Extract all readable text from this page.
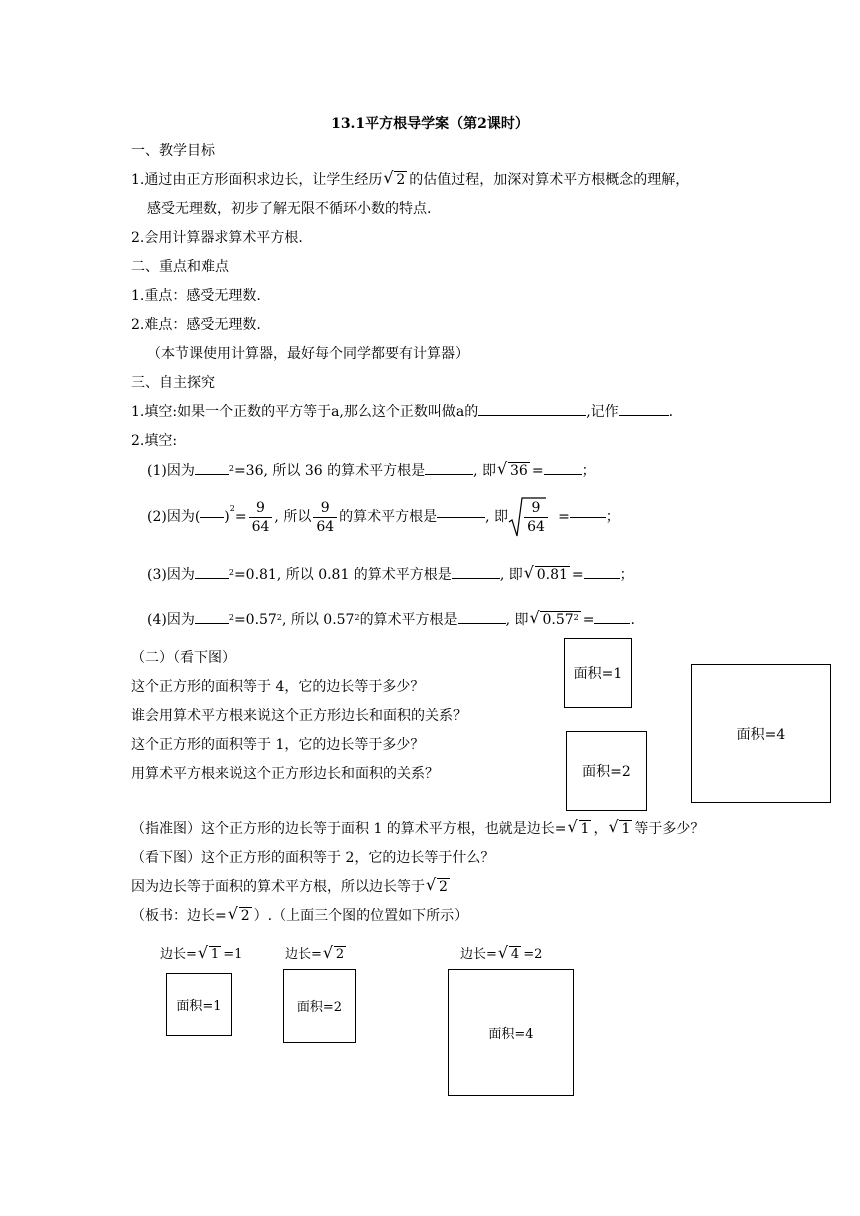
13.1平方根导学案（第2课时）
一、教学目标
1.通过由正方形面积求边长，让学生经历 √ 2 的估值过程，加深对算术平方根概念的理解，
感受无理数，初步了解无限不循环小数的特点.
2.会用计算器求算术平方根.
二、重点和难点
1.重点：感受无理数.
2.难点：感受无理数.
（本节课使用计算器，最好每个同学都要有计算器）
三、自主探究
1.填空:如果一个正数的平方等于a,那么这个正数叫做a的	,记作	.
2.填空:
(1)因为	$^2$=36, 所以 36 的算术平方根是	, 即 √ 36 =	；
(2)因为( )
$^2$
= $\frac{9}{64}$ , 所以 $\frac{9}{64}$ 的算术平方根是	, 即 $\frac{9}{64}$ =	；
(3)因为	$^2$=0.81, 所以 0.81 的算术平方根是	, 即 √ 0.81 =	；
(4)因为	$^2=0.57^2$, 所以 0.57$^2$的算术平方根是	, 即 √ $0.57^2$ =	.
（二）（看下图）
这个正方形的面积等于 4，它的边长等于多少？
谁会用算术平方根来说这个正方形边长和面积的关系？
这个正方形的面积等于 1，它的边长等于多少？
用算术平方根来说这个正方形边长和面积的关系？
面积=1
面积=2
面积=4
（指准图）这个正方形的边长等于面积 1 的算术平方根，也就是边长= √ 1 ， √ 1 等于多少？
（看下图）这个正方形的面积等于 2，它的边长等于什么？
因为边长等于面积的算术平方根，所以边长等于 √ 2
（板书：边长= √ 2 ）.（上面三个图的位置如下所示）
边长= √ 1 =1	边长= √ 2	边长= √ 4 =2
面积=1	面积=2
面积=4
